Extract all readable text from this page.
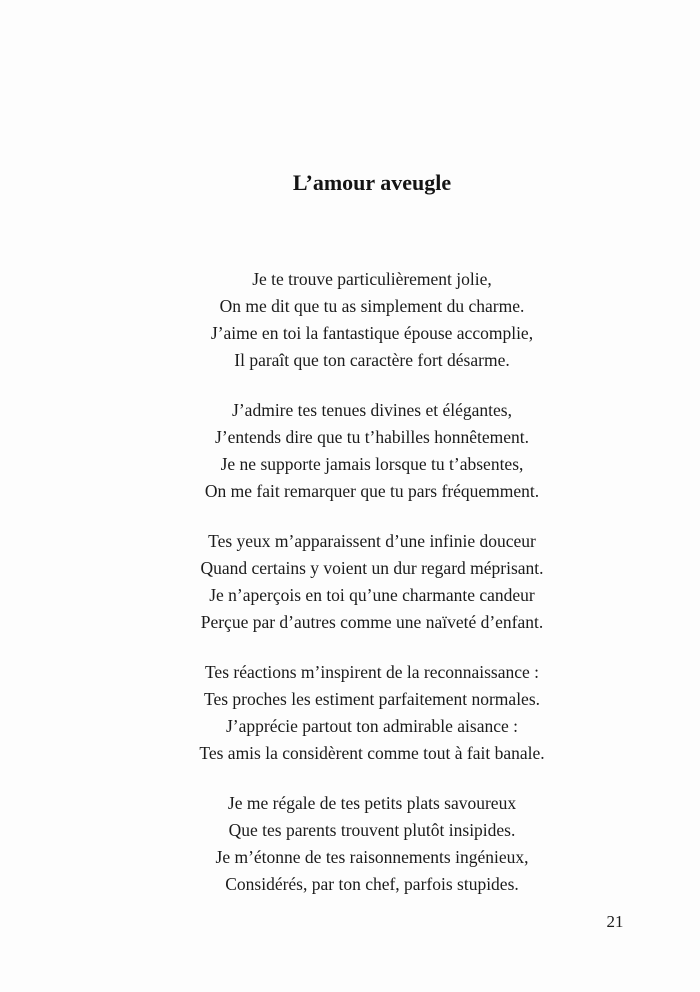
L’amour aveugle

Je te trouve particulièrement jolie,

On me dit que tu as simplement du charme.

J’aime en toi la fantastique épouse accomplie,

Il paraît que ton caractère fort désarme.

J’admire tes tenues divines et élégantes,

J’entends dire que tu t’habilles honnêtement.

Je ne supporte jamais lorsque tu t’absentes,

On me fait remarquer que tu pars fréquemment.

Tes yeux m’apparaissent d’une infinie douceur

Quand certains y voient un dur regard méprisant.

Je n’aperçois en toi qu’une charmante candeur

Perçue par d’autres comme une naïveté d’enfant.

Tes réactions m’inspirent de la reconnaissance :

Tes proches les estiment parfaitement normales.

J’apprécie partout ton admirable aisance :

Tes amis la considèrent comme tout à fait banale.

Je me régale de tes petits plats savoureux

Que tes parents trouvent plutôt insipides.

Je m’étonne de tes raisonnements ingénieux,

Considérés, par ton chef, parfois stupides.

21
